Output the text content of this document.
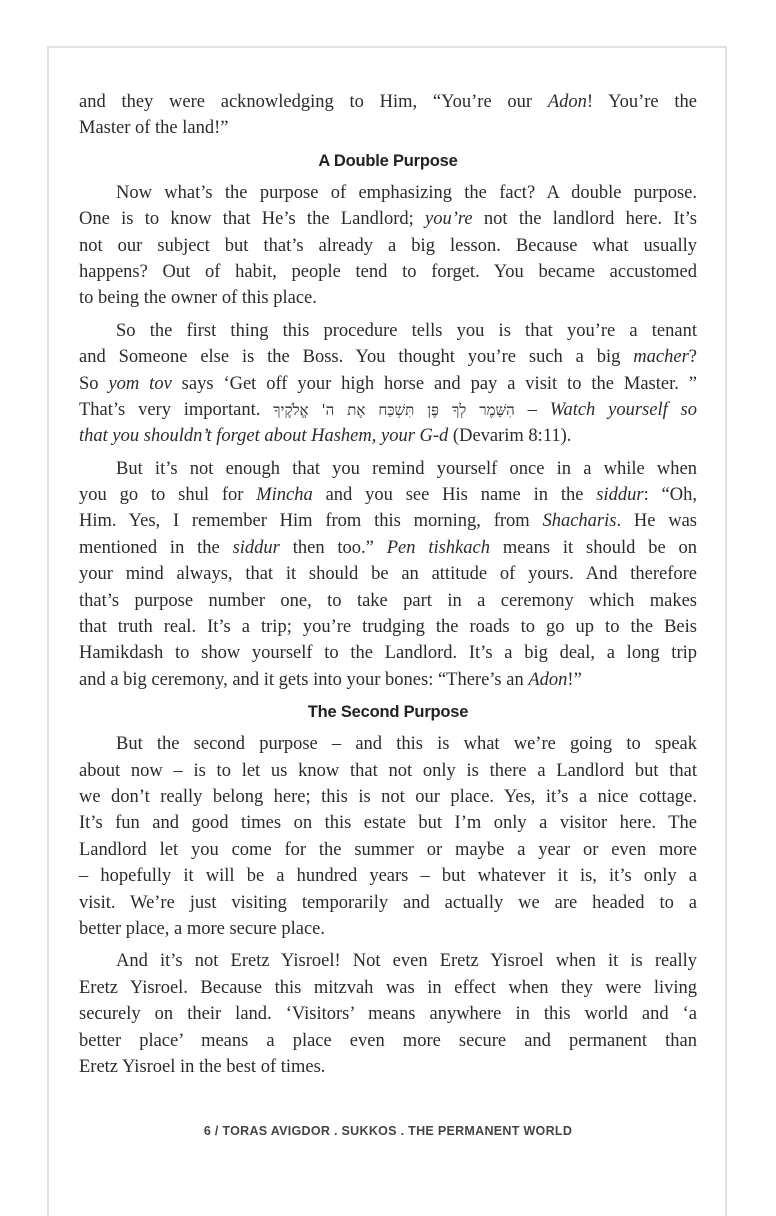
and they were acknowledging to Him, “You’re our Adon! You’re the
Master of the land!”
A Double Purpose
Now what’s the purpose of emphasizing the fact? A double purpose.
One is to know that He’s the Landlord; you’re not the landlord here. It’s
not our subject but that’s already a big lesson. Because what usually
happens? Out of habit, people tend to forget. You became accustomed
to being the owner of this place.
So the first thing this procedure tells you is that you’re a tenant
and Someone else is the Boss. You thought you’re such a big macher?
So yom tov says ‘Get off your high horse and pay a visit to the Master. ”
That’s very important. הִשָּׁמֶר לְךָ פֶּן תִּשְׁכַּח אֶת ה' אֱלֹקֶיךָ – Watch yourself so
that you shouldn’t forget about Hashem, your G-d (Devarim 8:11).
But it’s not enough that you remind yourself once in a while when
you go to shul for Mincha and you see His name in the siddur: “Oh,
Him. Yes, I remember Him from this morning, from Shacharis. He was
mentioned in the siddur then too.” Pen tishkach means it should be on
your mind always, that it should be an attitude of yours. And therefore
that’s purpose number one, to take part in a ceremony which makes
that truth real. It’s a trip; you’re trudging the roads to go up to the Beis
Hamikdash to show yourself to the Landlord. It’s a big deal, a long trip
and a big ceremony, and it gets into your bones: “There’s an Adon!”
The Second Purpose
But the second purpose – and this is what we’re going to speak
about now – is to let us know that not only is there a Landlord but that
we don’t really belong here; this is not our place. Yes, it’s a nice cottage.
It’s fun and good times on this estate but I’m only a visitor here. The
Landlord let you come for the summer or maybe a year or even more
– hopefully it will be a hundred years – but whatever it is, it’s only a
visit. We’re just visiting temporarily and actually we are headed to a
better place, a more secure place.
And it’s not Eretz Yisroel! Not even Eretz Yisroel when it is really
Eretz Yisroel. Because this mitzvah was in effect when they were living
securely on their land. ‘Visitors’ means anywhere in this world and ‘a
better place’ means a place even more secure and permanent than
Eretz Yisroel in the best of times.
6 / TORAS AVIGDOR . SUKKOS . THE PERMANENT WORLD
